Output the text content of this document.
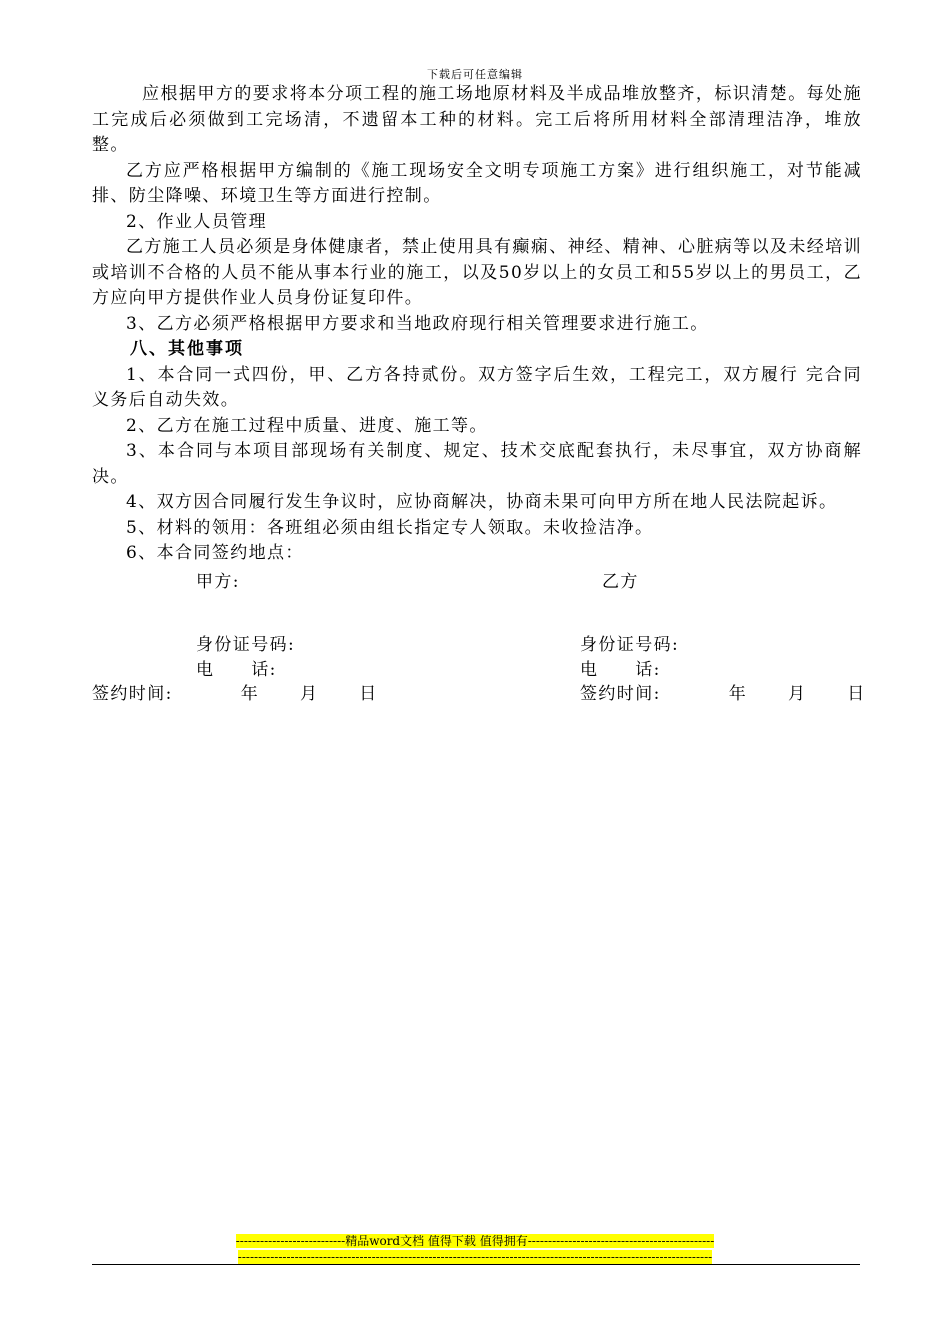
下载后可任意编辑

应根据甲方的要求将本分项工程的施工场地原材料及半成品堆放整齐，标识清楚。每处施工完成后必须做到工完场清，不遗留本工种的材料。完工后将所用材料全部清理洁净，堆放整。

乙方应严格根据甲方编制的《施工现场安全文明专项施工方案》进行组织施工，对节能减排、防尘降噪、环境卫生等方面进行控制。

2、作业人员管理

乙方施工人员必须是身体健康者，禁止使用具有癫痫、神经、精神、心脏病等以及未经培训或培训不合格的人员不能从事本行业的施工，以及50岁以上的女员工和55岁以上的男员工，乙方应向甲方提供作业人员身份证复印件。

3、乙方必须严格根据甲方要求和当地政府现行相关管理要求进行施工。

八、其他事项

1、本合同一式四份，甲、乙方各持贰份。双方签字后生效，工程完工，双方履行 完合同义务后自动失效。

2、乙方在施工过程中质量、进度、施工等。

3、本合同与本项目部现场有关制度、规定、技术交底配套执行，未尽事宜，双方协商解决。

4、双方因合同履行发生争议时，应协商解决，协商未果可向甲方所在地人民法院起诉。

5、材料的领用：各班组必须由组长指定专人领取。未收捡洁净。

6、本合同签约地点：

甲方:	乙方
身份证号码:	身份证号码:
电　　话:	电　　话:
签约时间:          年      月      日	签约时间:          年      月      日
---------------------------精品word文档 值得下载 值得拥有----------------------------------------------
---------------------------------------------------------------------------------------------------------------------
